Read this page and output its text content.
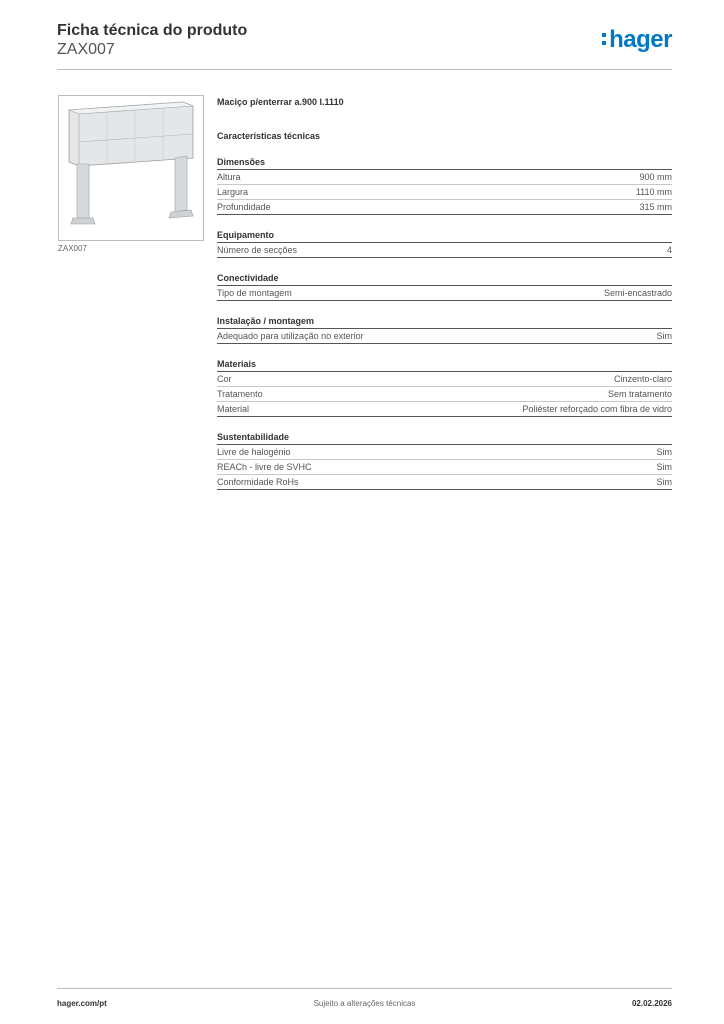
Ficha técnica do produto
ZAX007	hager
ZAX007
Maciço p/enterrar a.900 l.1110
Características técnicas
Dimensões
Altura	900 mm
Largura	1110 mm
Profundidade	315 mm
Equipamento
Número de secções	4
Conectividade
Tipo de montagem	Semi-encastrado
Instalação / montagem
Adequado para utilização no exterior	Sim
Materiais
Cor	Cinzento-claro
Tratamento	Sem tratamento
Material	Poliéster reforçado com fibra de vidro
Sustentabilidade
Livre de halogénio	Sim
REACh - livre de SVHC	Sim
Conformidade RoHs	Sim
hager.com/pt	Sujeito a alterações técnicas	02.02.2026
